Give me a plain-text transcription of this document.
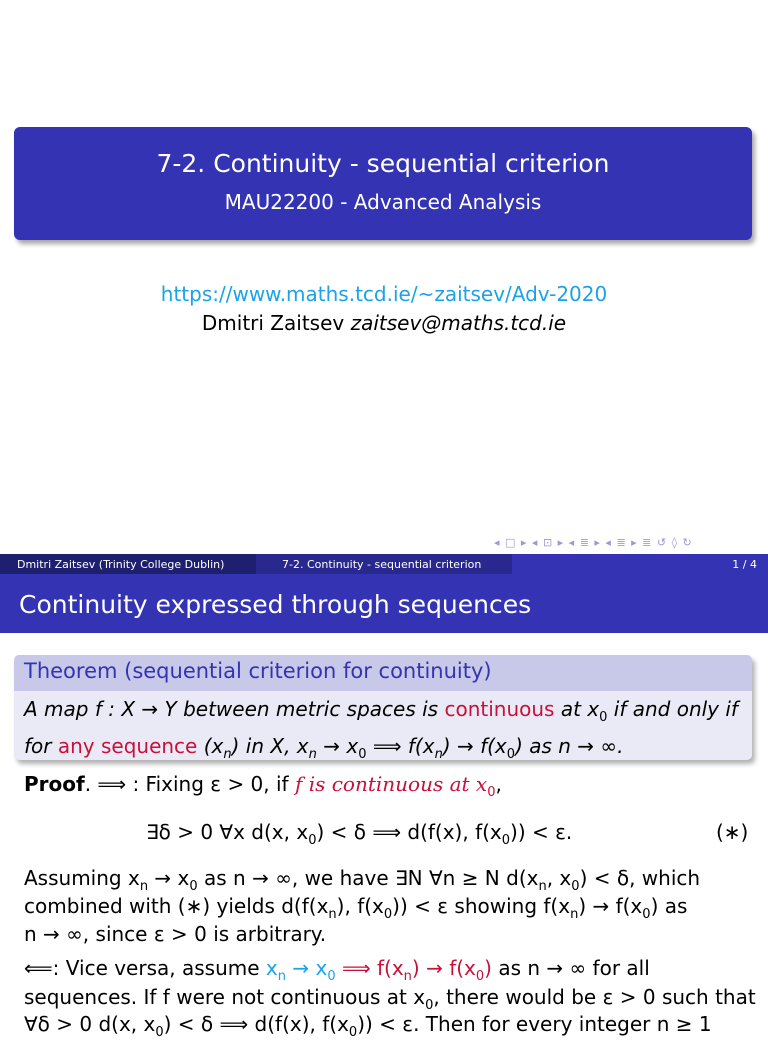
7-2. Continuity - sequential criterion
MAU22200 - Advanced Analysis
https://www.maths.tcd.ie/~zaitsev/Adv-2020
Dmitri Zaitsev zaitsev@maths.tcd.ie
◂ □ ▸ ◂ ⊡ ▸ ◂ ≣ ▸ ◂ ≣ ▸ ≣ ↺ ◊ ↻
Dmitri Zaitsev (Trinity College Dublin)	7-2. Continuity - sequential criterion	1 / 4
Continuity expressed through sequences
Theorem (sequential criterion for continuity)
A map f : X → Y between metric spaces is continuous at $x_0$ if and only if
for any sequence $(x_n)$ in X, $x_n \to x_0$ ⟹ $f(x_n) \to f(x_0)$ as n → ∞.
Proof. ⟹ : Fixing ε > 0, if f is continuous at $x_0$,
∃δ > 0 ∀x d(x, $x_0) < \delta$ ⟹ d(f(x), $f(x_0)) < \varepsilon$.	(∗)
Assuming $x_n \to x_0$ as n → ∞, we have ∃N ∀n ≥ N $d(x_n$, $x_0) < \delta$, which
combined with (∗) yields $d(f(x_n)$, $f(x_0)) < \varepsilon$ showing $f(x_n) \to f(x_0)$ as
n → ∞, since ε > 0 is arbitrary.
⟸: Vice versa, assume $x_n \to x_0$ ⟹ $f(x_n) \to f(x_0)$ as n → ∞ for all
sequences. If f were not continuous at $x_0$, there would be ε > 0 such that
∀δ > 0 d(x, $x_0) < \delta$ ⟹ d(f(x), $f(x_0)) < \varepsilon$. Then for every integer n ≥ 1
